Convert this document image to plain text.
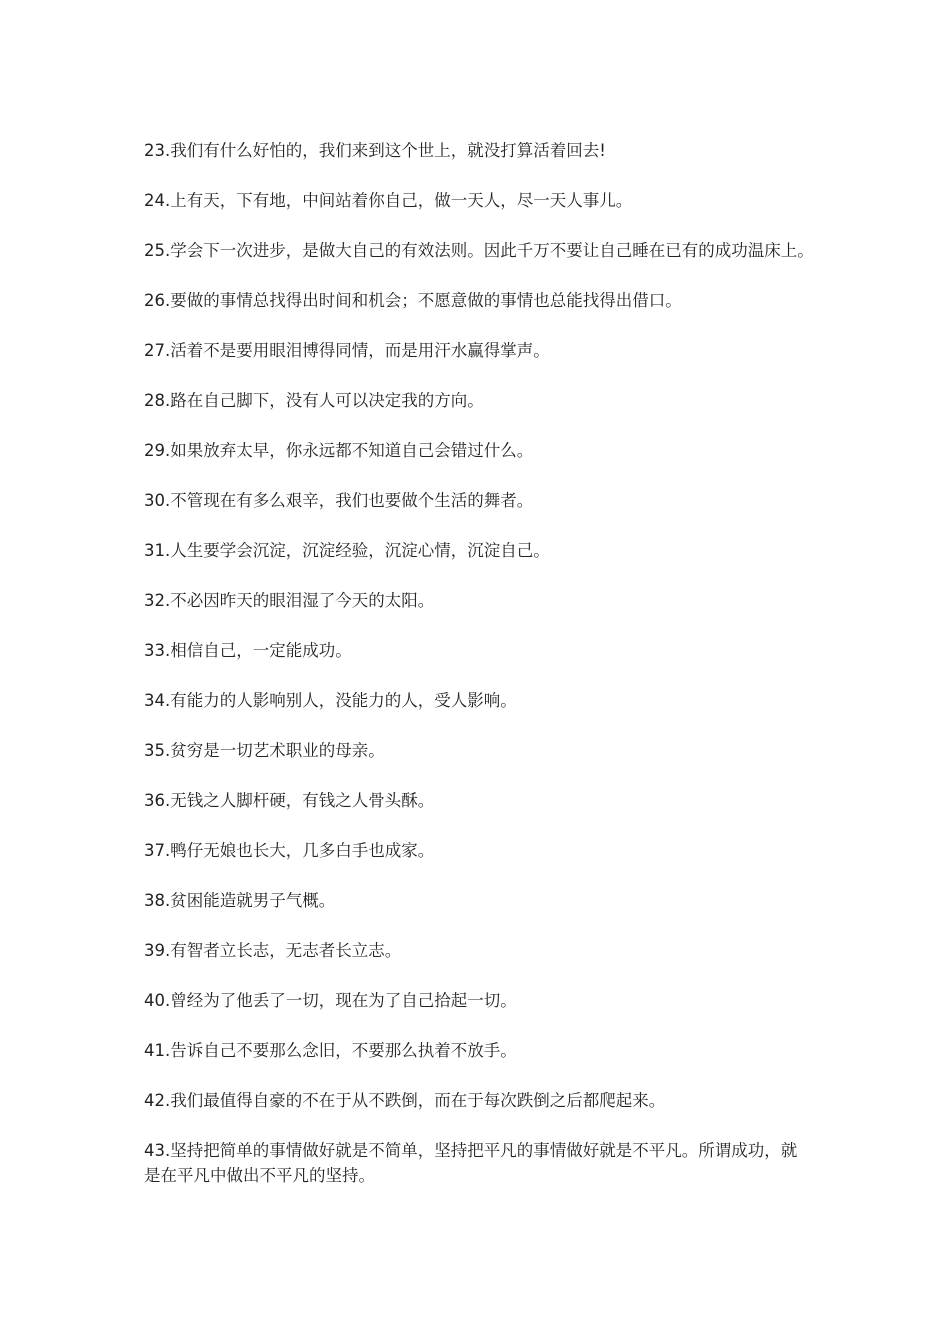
23.我们有什么好怕的，我们来到这个世上，就没打算活着回去!

24.上有天，下有地，中间站着你自己，做一天人，尽一天人事儿。

25.学会下一次进步，是做大自己的有效法则。因此千万不要让自己睡在已有的成功温床上。

26.要做的事情总找得出时间和机会；不愿意做的事情也总能找得出借口。

27.活着不是要用眼泪博得同情，而是用汗水赢得掌声。

28.路在自己脚下，没有人可以决定我的方向。

29.如果放弃太早，你永远都不知道自己会错过什么。

30.不管现在有多么艰辛，我们也要做个生活的舞者。

31.人生要学会沉淀，沉淀经验，沉淀心情，沉淀自己。

32.不必因昨天的眼泪湿了今天的太阳。

33.相信自己，一定能成功。

34.有能力的人影响别人，没能力的人，受人影响。

35.贫穷是一切艺术职业的母亲。

36.无钱之人脚杆硬，有钱之人骨头酥。

37.鸭仔无娘也长大，几多白手也成家。

38.贫困能造就男子气概。

39.有智者立长志，无志者长立志。

40.曾经为了他丢了一切，现在为了自己拾起一切。

41.告诉自己不要那么念旧，不要那么执着不放手。

42.我们最值得自豪的不在于从不跌倒，而在于每次跌倒之后都爬起来。

43.坚持把简单的事情做好就是不简单，坚持把平凡的事情做好就是不平凡。所谓成功，就是在平凡中做出不平凡的坚持。
